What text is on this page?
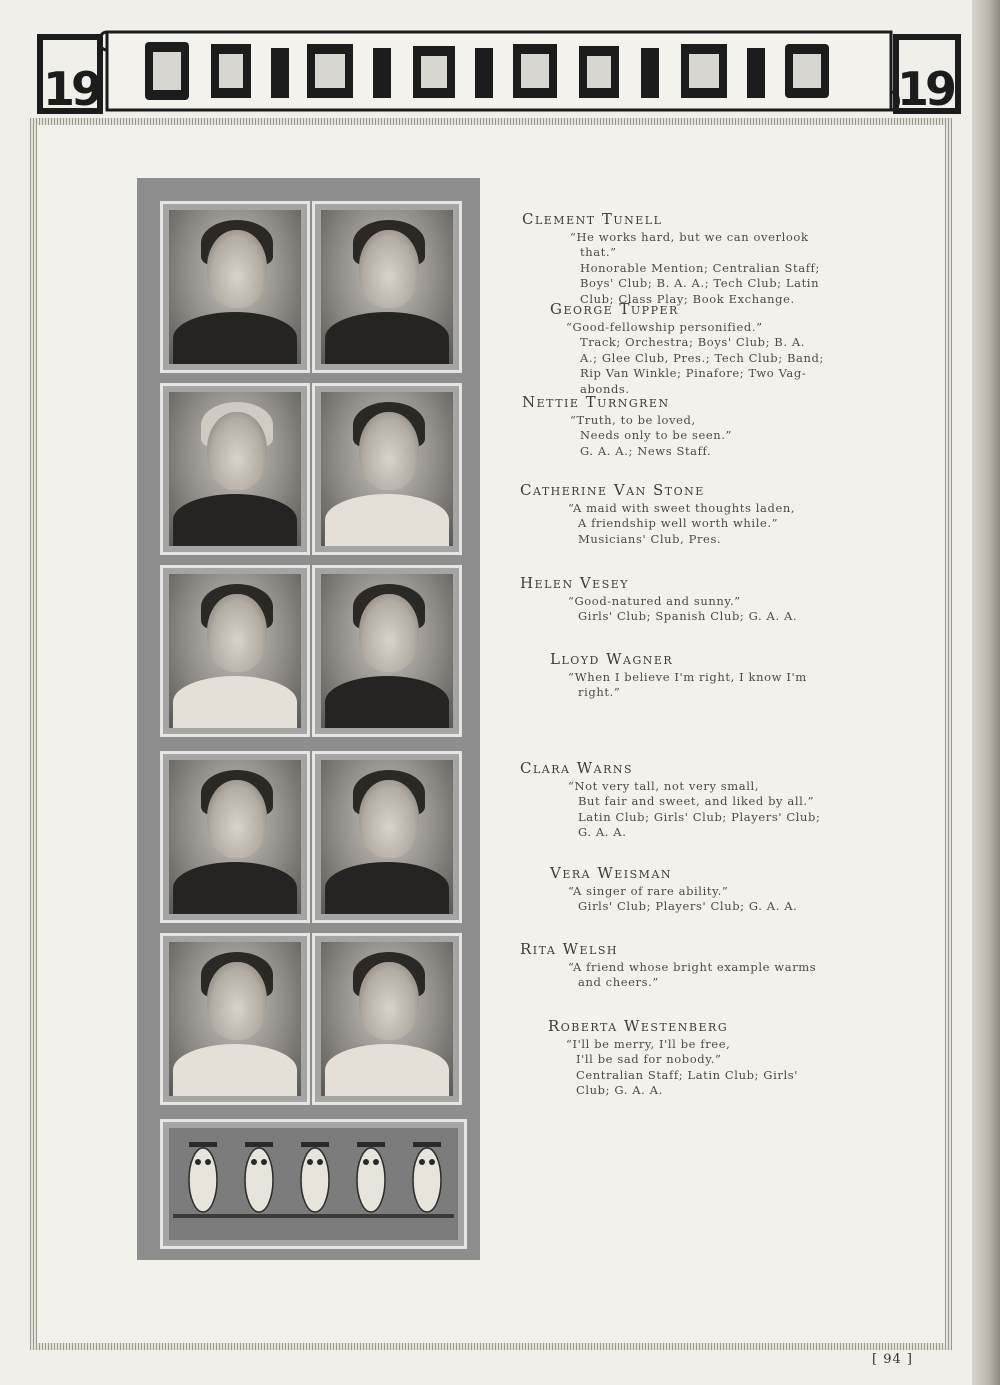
19	19
Clement Tunell
“He works hard, but we can overlook
that.”
Honorable Mention; Centralian Staff;
Boys' Club; B. A. A.; Tech Club; Latin
Club; Class Play; Book Exchange.
George Tupper
“Good-fellowship personified.”
Track; Orchestra; Boys' Club; B. A.
A.; Glee Club, Pres.; Tech Club; Band;
Rip Van Winkle; Pinafore; Two Vag-
abonds.
Nettie Turngren
“Truth, to be loved,
Needs only to be seen.”
G. A. A.; News Staff.
Catherine Van Stone
“A maid with sweet thoughts laden,
A friendship well worth while.”
Musicians' Club, Pres.
Helen Vesey
“Good-natured and sunny.”
Girls' Club; Spanish Club; G. A. A.
Lloyd Wagner
“When I believe I'm right, I know I'm
right.”
Clara Warns
“Not very tall, not very small,
But fair and sweet, and liked by all.”
Latin Club; Girls' Club; Players' Club;
G. A. A.
Vera Weisman
“A singer of rare ability.”
Girls' Club; Players' Club; G. A. A.
Rita Welsh
“A friend whose bright example warms
and cheers.”
Roberta Westenberg
“I'll be merry, I'll be free,
I'll be sad for nobody.”
Centralian Staff; Latin Club; Girls'
Club; G. A. A.
[ 94 ]
